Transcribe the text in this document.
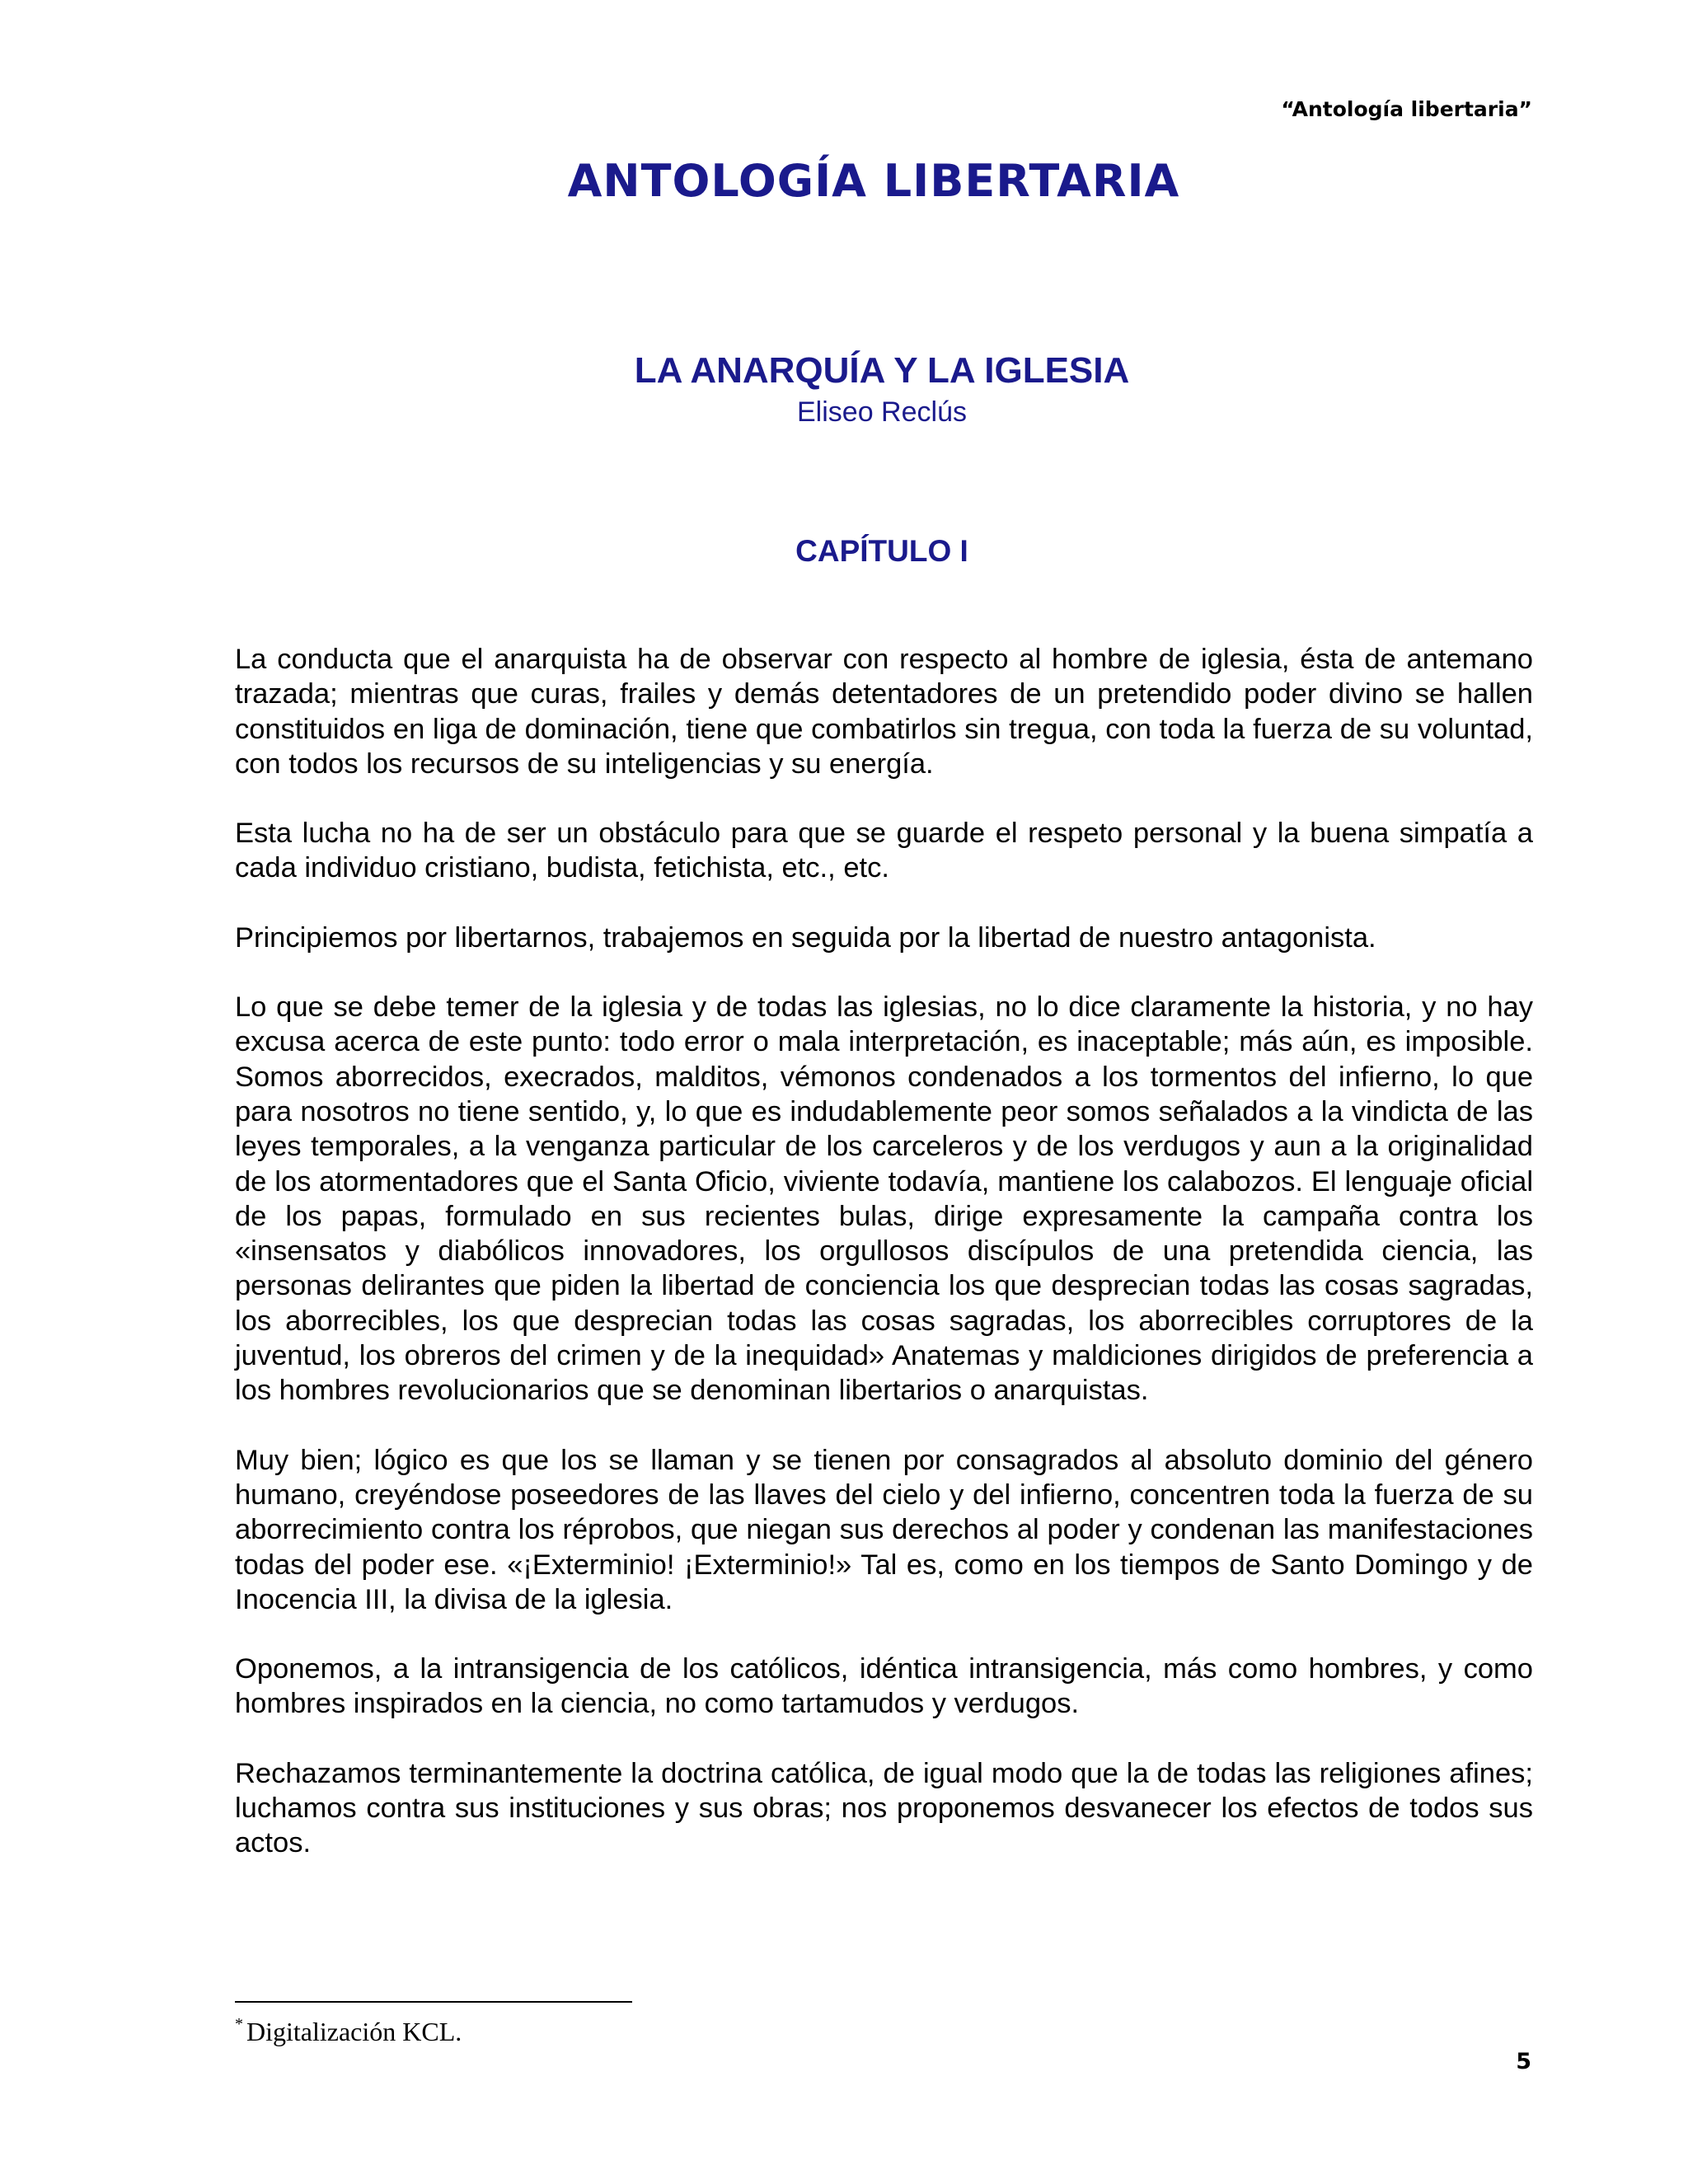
“Antología libertaria”
ANTOLOGÍA LIBERTARIA
LA ANARQUÍA Y LA IGLESIA
Eliseo Reclús
CAPÍTULO I

La conducta que el anarquista ha de observar con respecto al hombre de iglesia, ésta de antemano trazada; mientras que curas, frailes y demás detentadores de un pretendido poder divino se hallen constituidos en liga de dominación, tiene que combatirlos sin tregua, con toda la fuerza de su voluntad, con todos los recursos de su inteligencias y su energía.

Esta lucha no ha de ser un obstáculo para que se guarde el respeto personal y la buena simpatía a cada individuo cristiano, budista, fetichista, etc., etc.

Principiemos por libertarnos, trabajemos en seguida por la libertad de nuestro antagonista.

Lo que se debe temer de la iglesia y de todas las iglesias, no lo dice claramente la historia, y no hay excusa acerca de este punto: todo error o mala interpretación, es inaceptable; más aún, es imposible. Somos aborrecidos, execrados, malditos, vémonos condenados a los tormentos del infierno, lo que para nosotros no tiene sentido, y, lo que es indudablemente peor somos señalados a la vindicta de las leyes temporales, a la venganza particular de los carceleros y de los verdugos y aun a la originalidad de los atormentadores que el Santa Oficio, viviente todavía, mantiene los calabozos. El lenguaje oficial de los papas, formulado en sus recientes bulas, dirige expresamente la campaña contra los «insensatos y diabólicos innovadores, los orgullosos discípulos de una pretendida ciencia, las personas delirantes que piden la libertad de conciencia los que desprecian todas las cosas sagradas, los aborrecibles, los que desprecian todas las cosas sagradas, los aborrecibles corruptores de la juventud, los obreros del crimen y de la inequidad» Anatemas y maldiciones dirigidos de preferencia a los hombres revolucionarios que se denominan libertarios o anarquistas.

Muy bien; lógico es que los se llaman y se tienen por consagrados al absoluto dominio del género humano, creyéndose poseedores de las llaves del cielo y del infierno, concentren toda la fuerza de su aborrecimiento contra los réprobos, que niegan sus derechos al poder y condenan las manifestaciones todas del poder ese. «¡Exterminio! ¡Exterminio!» Tal es, como en los tiempos de Santo Domingo y de Inocencia III, la divisa de la iglesia.

Oponemos, a la intransigencia de los católicos, idéntica intransigencia, más como hombres, y como hombres inspirados en la ciencia, no como tartamudos y verdugos.

Rechazamos terminantemente la doctrina católica, de igual modo que la de todas las religiones afines; luchamos contra sus instituciones y sus obras; nos proponemos desvanecer los efectos de todos sus actos.

* Digitalización KCL.
5
